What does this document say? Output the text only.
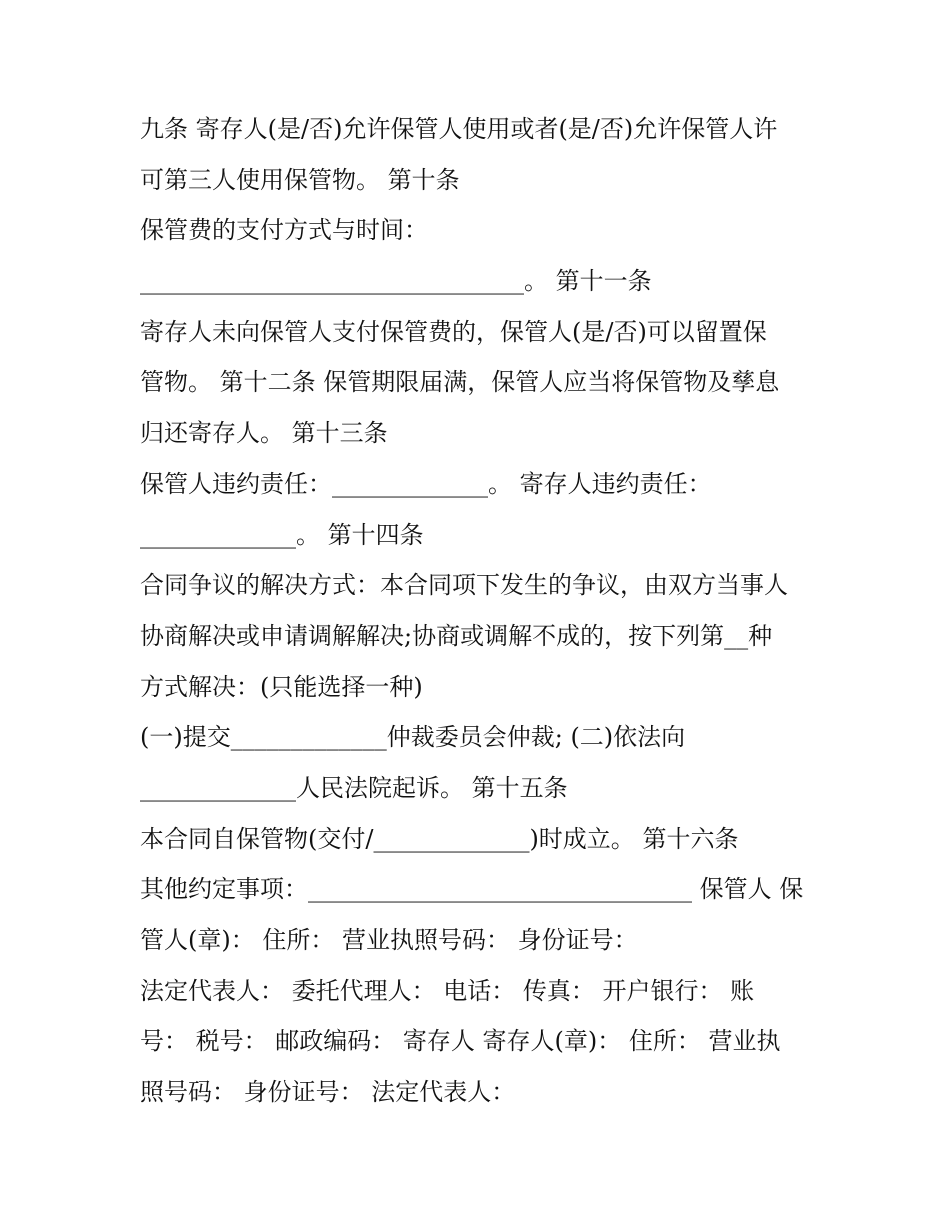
九条 寄存人(是/否)允许保管人使用或者(是/否)允许保管人许
可第三人使用保管物。 第十条
保管费的支付方式与时间：
________________________________。 第十一条
寄存人未向保管人支付保管费的，保管人(是/否)可以留置保
管物。 第十二条 保管期限届满，保管人应当将保管物及孳息
归还寄存人。 第十三条
保管人违约责任：_____________。 寄存人违约责任：
_____________。 第十四条
合同争议的解决方式：本合同项下发生的争议，由双方当事人
协商解决或申请调解解决;协商或调解不成的，按下列第__种
方式解决：(只能选择一种)
(一)提交_____________仲裁委员会仲裁; (二)依法向
_____________人民法院起诉。 第十五条
本合同自保管物(交付/_____________)时成立。 第十六条
其他约定事项：________________________________ 保管人 保
管人(章)： 住所： 营业执照号码： 身份证号：
法定代表人： 委托代理人： 电话： 传真： 开户银行： 账
号： 税号： 邮政编码： 寄存人 寄存人(章)： 住所： 营业执
照号码： 身份证号： 法定代表人：
